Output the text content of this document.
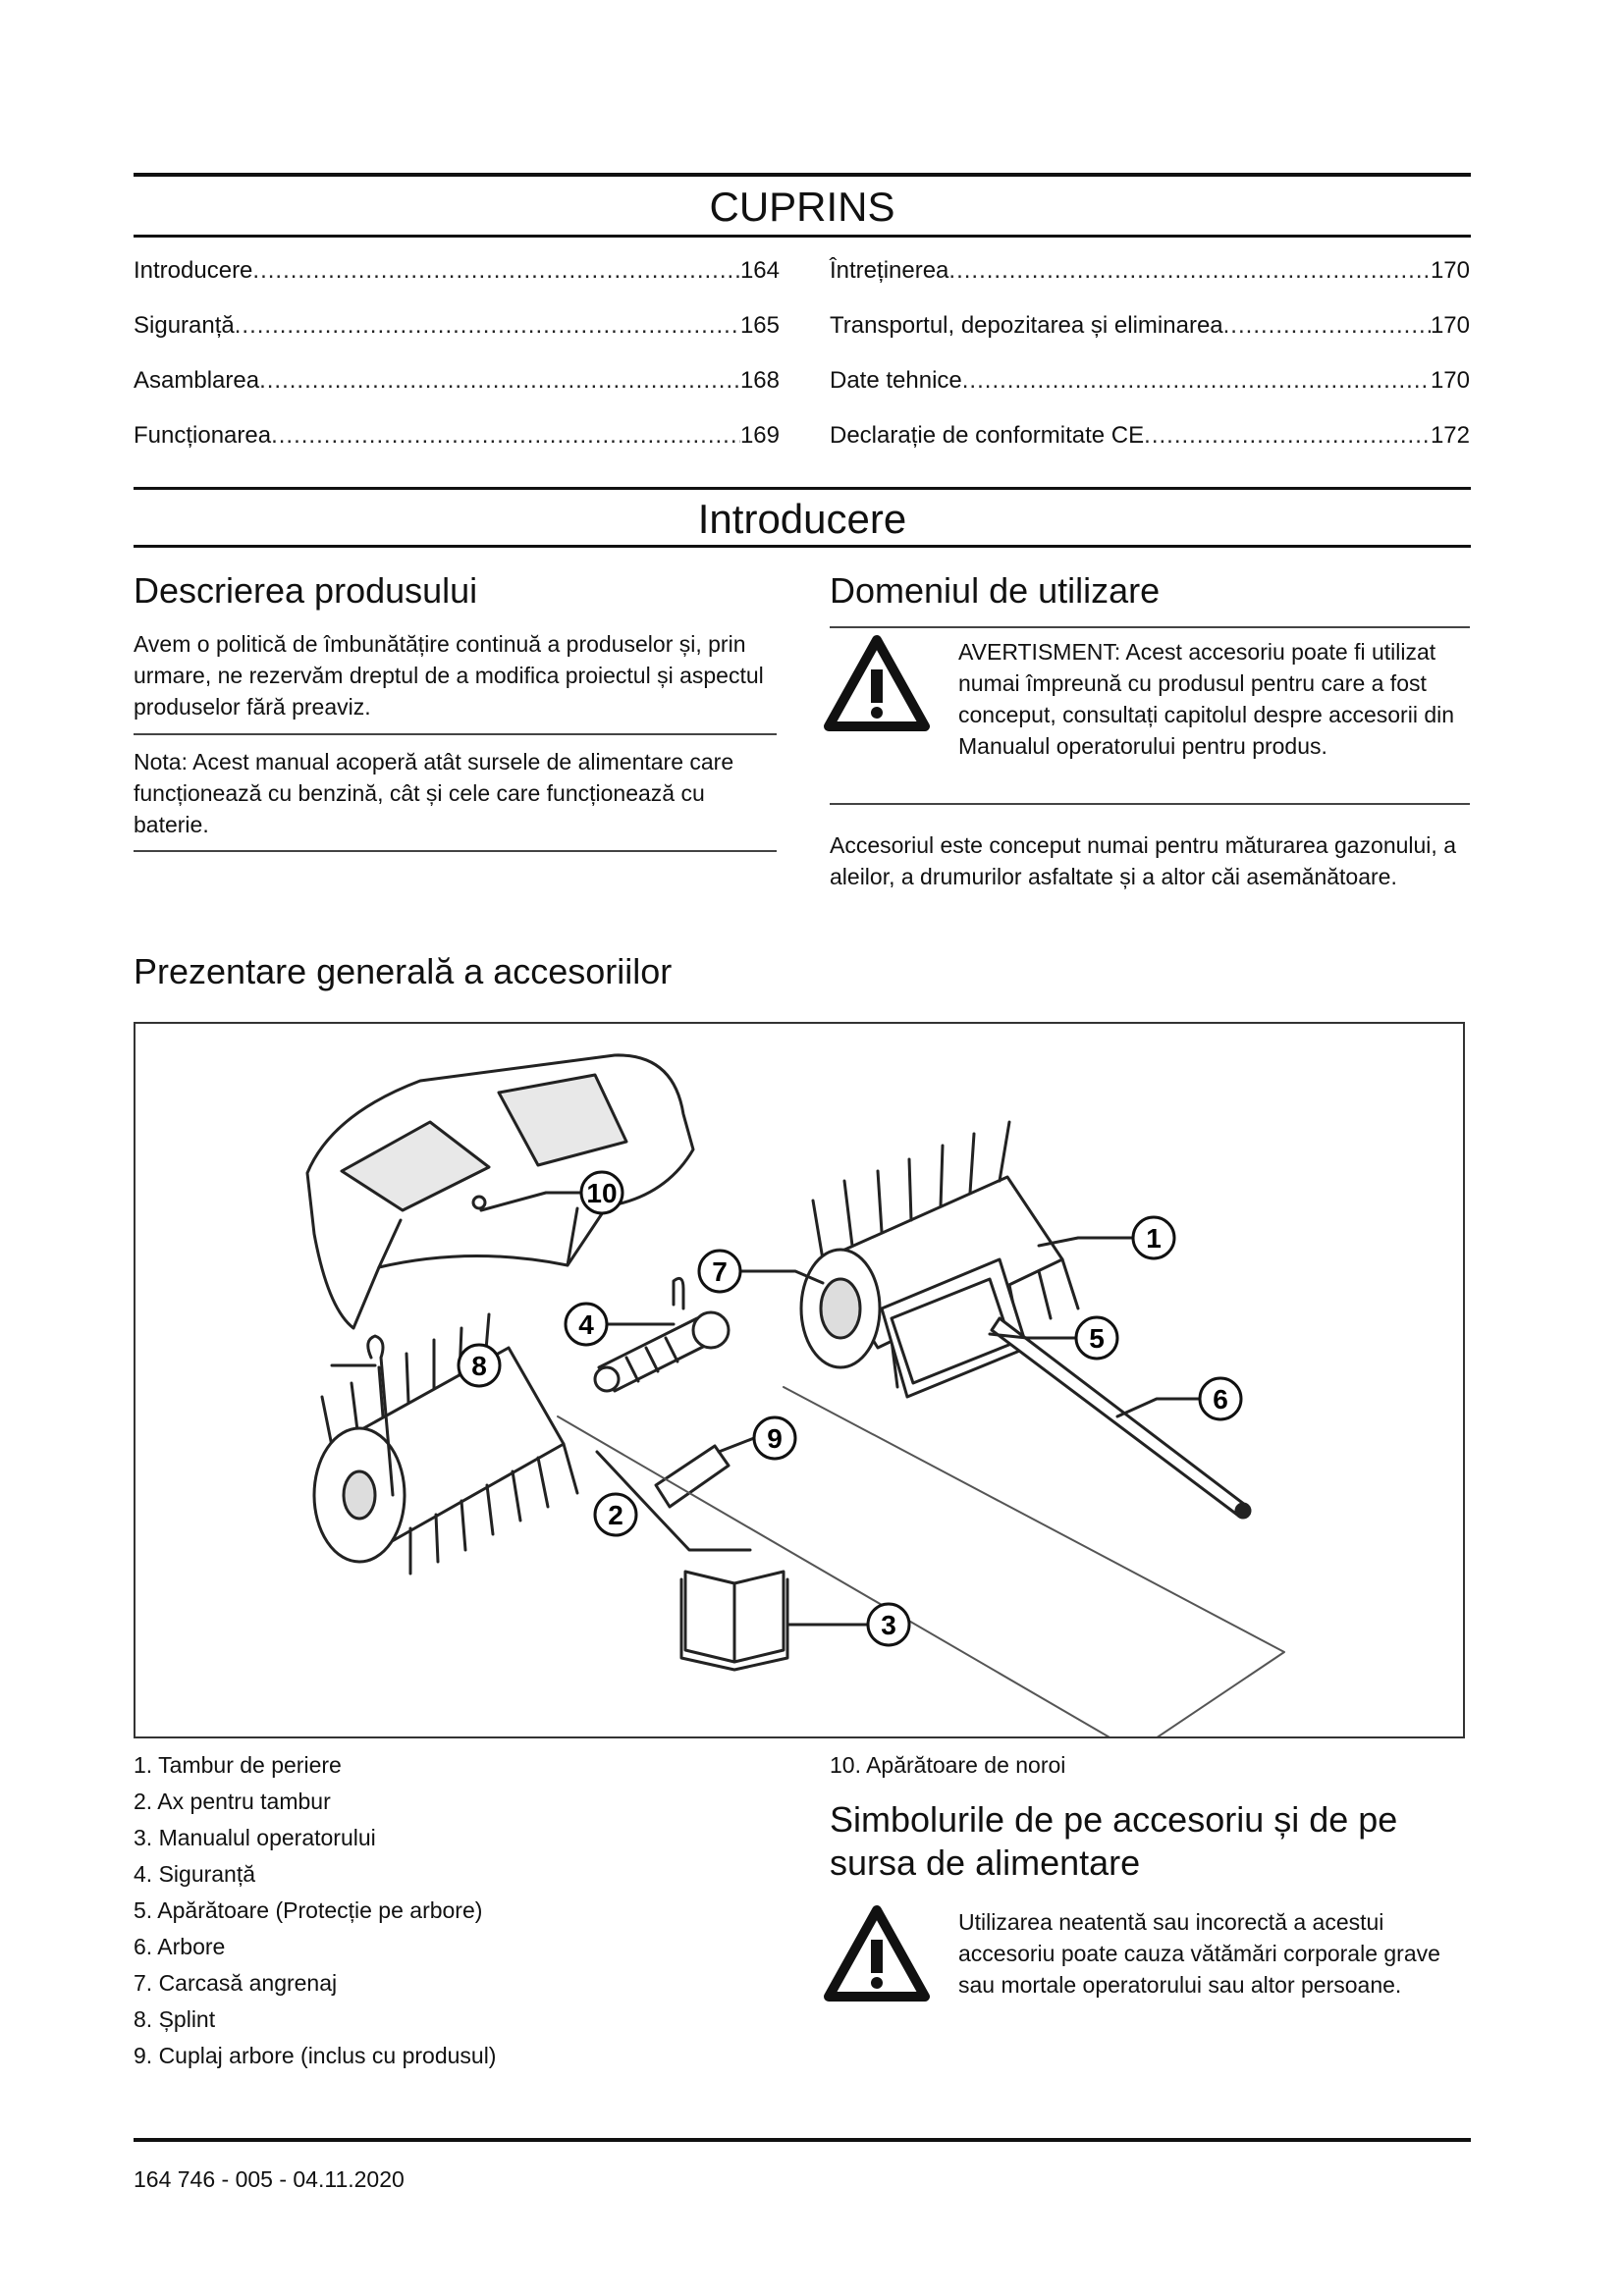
CUPRINS
Introducere .....	164
Siguranță .....	165
Asamblarea .....	168
Funcționarea .....	169
Întreținerea .....	170
Transportul, depozitarea și eliminarea .....	170
Date tehnice .....	170
Declarație de conformitate CE .....	172
Introducere
Descrierea produsului
Avem o politică de îmbunătățire continuă a produselor și, prin urmare, ne rezervăm dreptul de a modifica proiectul și aspectul produselor fără preaviz.
Nota: Acest manual acoperă atât sursele de alimentare care funcționează cu benzină, cât și cele care funcționează cu baterie.
Domeniul de utilizare
AVERTISMENT: Acest accesoriu poate fi utilizat numai împreună cu produsul pentru care a fost conceput, consultați capitolul despre accesorii din Manualul operatorului pentru produs.
Accesoriul este conceput numai pentru măturarea gazonului, a aleilor, a drumurilor asfaltate și a altor căi asemănătoare.
Prezentare generală a accesoriilor
10
1
7
4	5
8
6
9
2
3
1. Tambur de periere
2. Ax pentru tambur
3. Manualul operatorului
4. Siguranță
5. Apărătoare (Protecție pe arbore)
6. Arbore
7. Carcasă angrenaj
8. Șplint
9. Cuplaj arbore (inclus cu produsul)
10. Apărătoare de noroi
Simbolurile de pe accesoriu și de pe
sursa de alimentare
Utilizarea neatentă sau incorectă a acestui accesoriu poate cauza vătămări corporale grave sau mortale operatorului sau altor persoane.
164 746 - 005 - 04.11.2020
